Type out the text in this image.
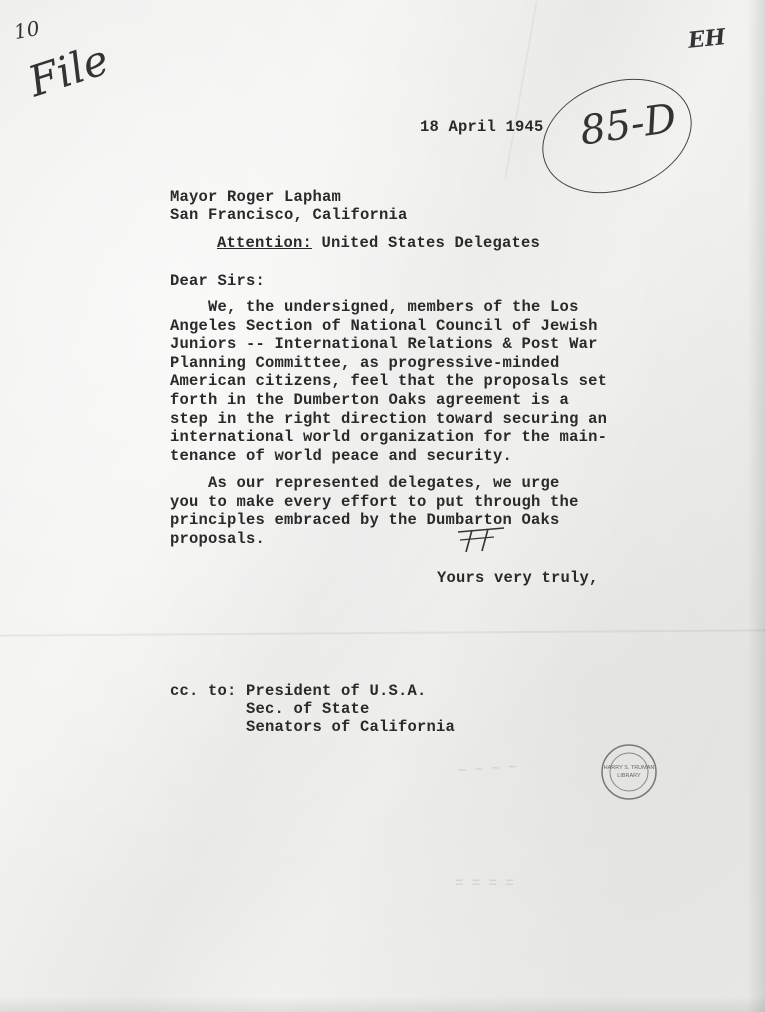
10
File	EH
85-D
18 April 1945
Mayor Roger Lapham
San Francisco, California
Attention: United States Delegates
Dear Sirs:
We, the undersigned, members of the Los
Angeles Section of National Council of Jewish
Juniors -- International Relations & Post War
Planning Committee, as progressive-minded
American citizens, feel that the proposals set
forth in the Dumberton Oaks agreement is a
step in the right direction toward securing an
international world organization for the main-
tenance of world peace and security.
As our represented delegates, we urge
you to make every effort to put through the
principles embraced by the Dumbarton Oaks
proposals.
Yours very truly,
cc. to: President of U.S.A.
Sec. of State
Senators of California
~ ~ ~ ~
= = = =
HARRY S. TRUMAN
LIBRARY
